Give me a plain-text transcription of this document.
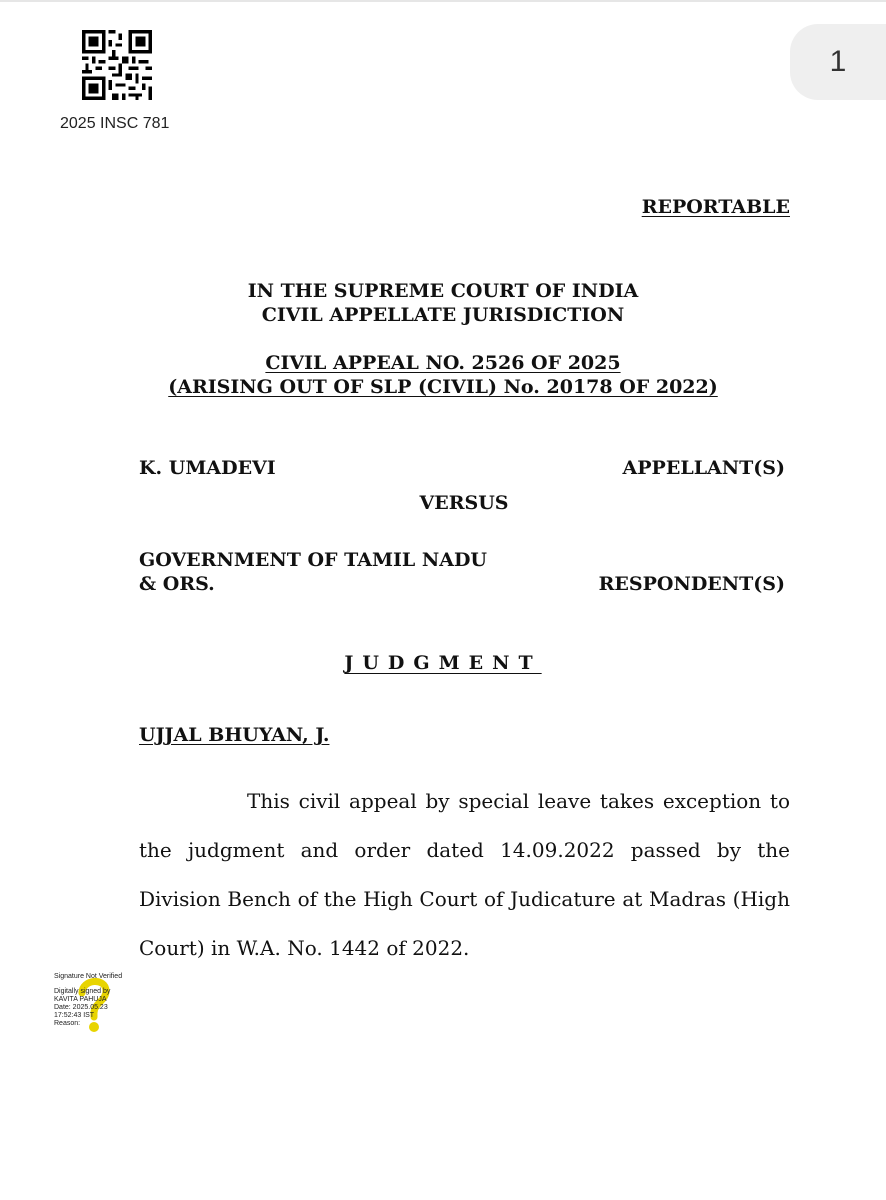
2025 INSC 781
1
REPORTABLE
IN THE SUPREME COURT OF INDIA
CIVIL APPELLATE JURISDICTION
CIVIL APPEAL NO. 2526 OF 2025
(ARISING OUT OF SLP (CIVIL) No. 20178 OF 2022)
K. UMADEVI	APPELLANT(S)
VERSUS
GOVERNMENT OF TAMIL NADU
& ORS.	RESPONDENT(S)
JUDGMENT
UJJAL BHUYAN, J.
This civil appeal by special leave takes exception to the judgment and order dated 14.09.2022 passed by the Division Bench of the High Court of Judicature at Madras (High Court) in W.A. No. 1442 of 2022.
Signature Not Verified
Digitally signed by
KAVITA PAHUJA
Date: 2025.05.23
17:52:43 IST
Reason:
